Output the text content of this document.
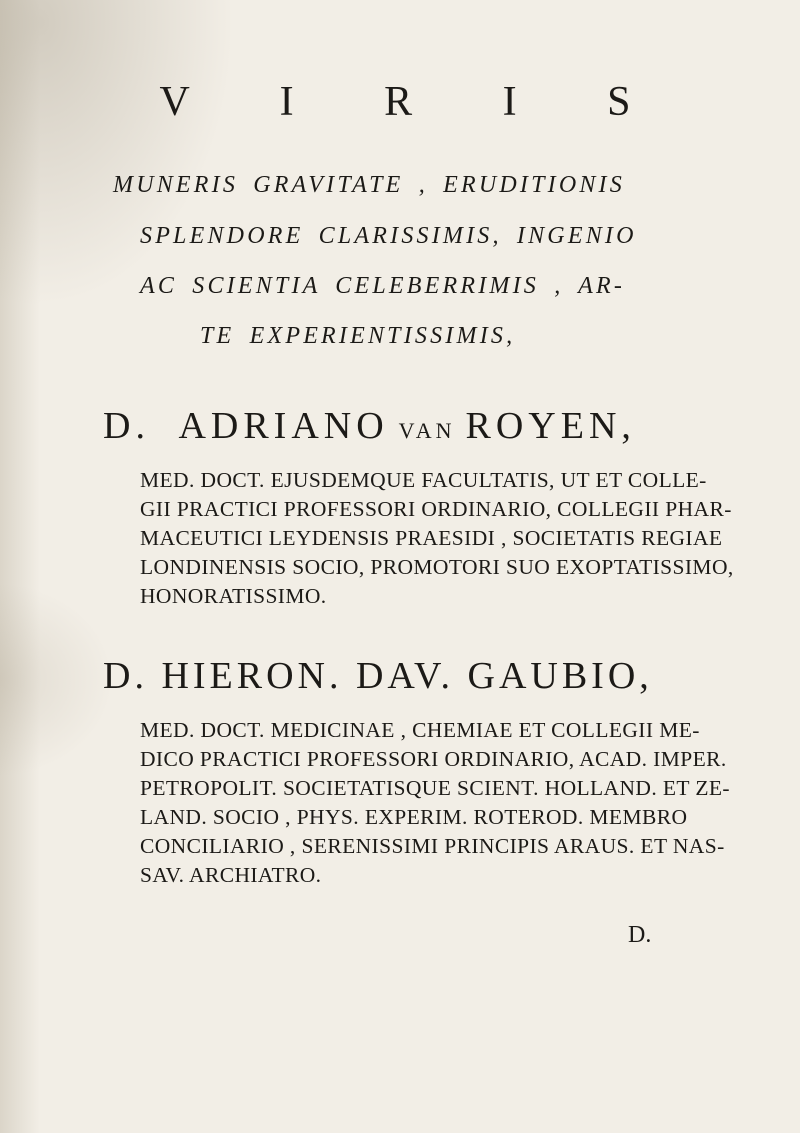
V I R I S
MUNERIS GRAVITATE , ERUDITIONIS
SPLENDORE CLARISSIMIS, INGENIO
AC SCIENTIA CELEBERRIMIS , AR-
TE EXPERIENTISSIMIS,
D. ADRIANO VAN ROYEN,
MED. DOCT. EJUSDEMQUE FACULTATIS, UT ET COLLE-
GII PRACTICI PROFESSORI ORDINARIO, COLLEGII PHAR-
MACEUTICI LEYDENSIS PRAESIDI , SOCIETATIS REGIAE
LONDINENSIS SOCIO, PROMOTORI SUO EXOPTATISSIMO,
HONORATISSIMO.
D. HIERON. DAV. GAUBIO,
MED. DOCT. MEDICINAE , CHEMIAE ET COLLEGII ME-
DICO PRACTICI PROFESSORI ORDINARIO, ACAD. IMPER.
PETROPOLIT. SOCIETATISQUE SCIENT. HOLLAND. ET ZE-
LAND. SOCIO , PHYS. EXPERIM. ROTEROD. MEMBRO
CONCILIARIO , SERENISSIMI PRINCIPIS ARAUS. ET NAS-
SAV. ARCHIATRO.
D.
